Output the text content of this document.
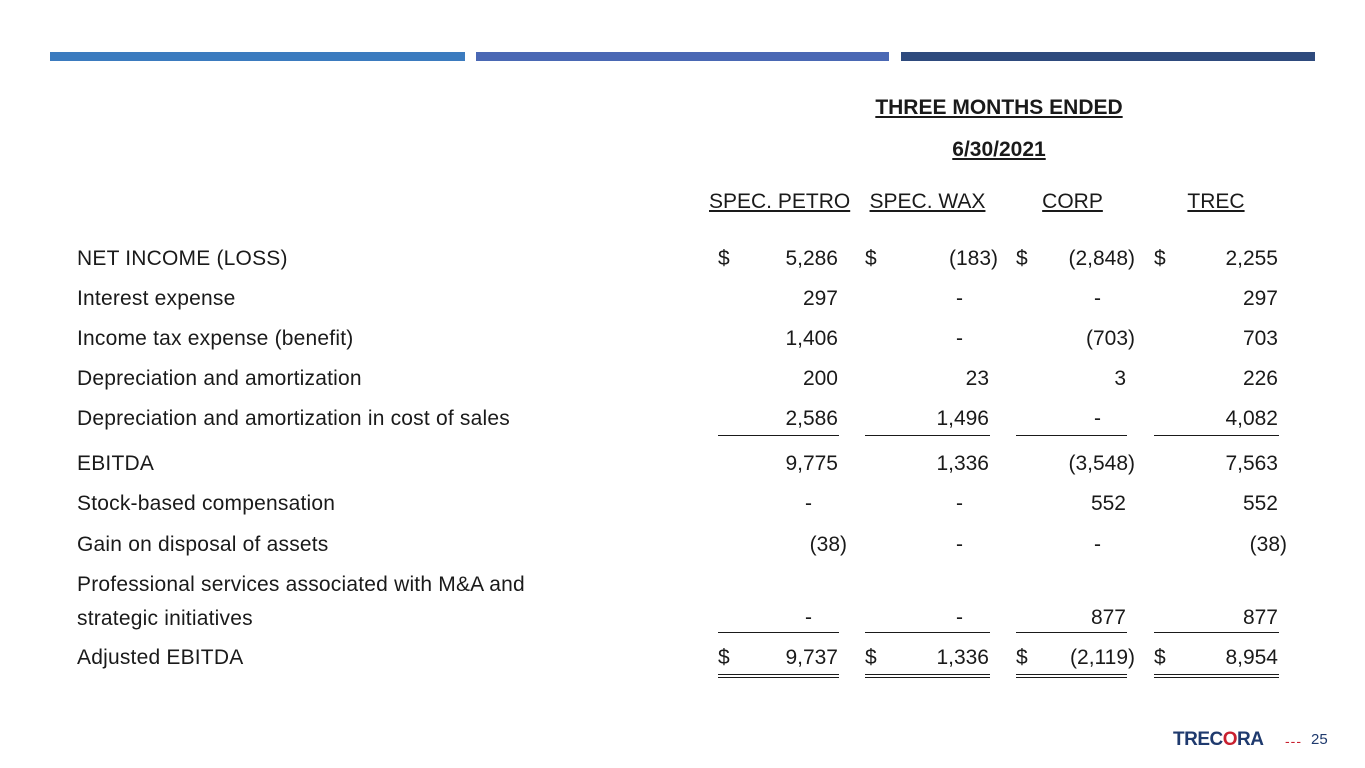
THREE MONTHS ENDED
6/30/2021
SPEC. PETRO SPEC. WAX	CORP	TREC
NET INCOME (LOSS)	$	5,286 $	(183) $	(2,848) $	2,255
Interest expense	297	-	-	297
Income tax expense (benefit)	1,406	-	(703)	703
Depreciation and amortization	200	23	3	226
Depreciation and amortization in cost of sales	2,586	1,496	-	4,082
EBITDA	9,775	1,336	(3,548)	7,563
Stock-based compensation	-	-	552	552
Gain on disposal of assets	(38)	-	-	(38)
Professional services associated with M&A and
strategic initiatives	-	-	877	877
Adjusted EBITDA	$	9,737 $	1,336 $	(2,119) $	8,954
TRECORA --- 25
